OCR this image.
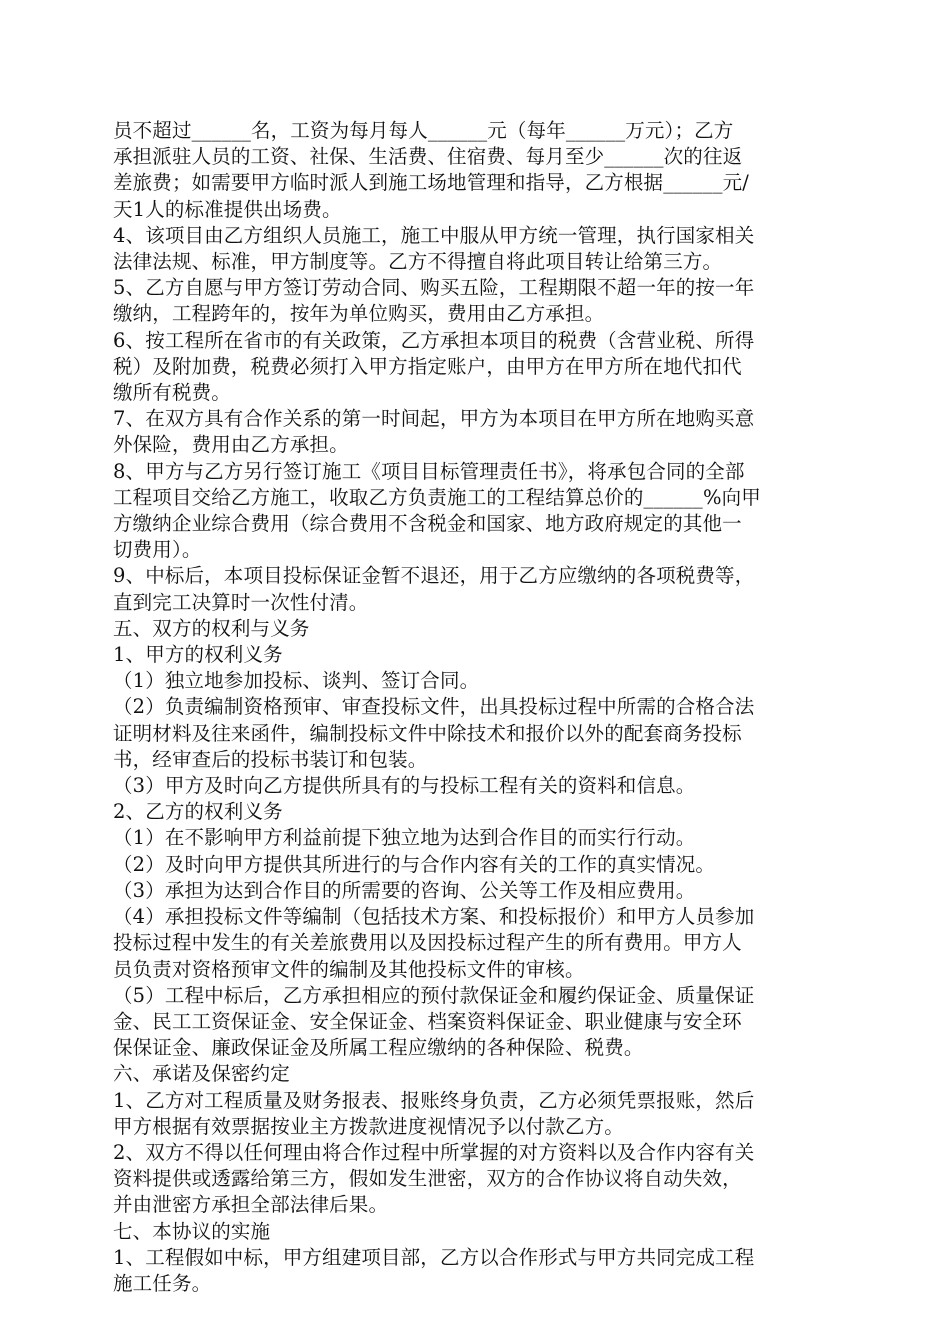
员不超过______名，工资为每月每人______元（每年______万元）；乙方
承担派驻人员的工资、社保、生活费、住宿费、每月至少______次的往返
差旅费；如需要甲方临时派人到施工场地管理和指导，乙方根据______元/
天1人的标准提供出场费。
4、该项目由乙方组织人员施工，施工中服从甲方统一管理，执行国家相关
法律法规、标准，甲方制度等。乙方不得擅自将此项目转让给第三方。
5、乙方自愿与甲方签订劳动合同、购买五险，工程期限不超一年的按一年
缴纳，工程跨年的，按年为单位购买，费用由乙方承担。
6、按工程所在省市的有关政策，乙方承担本项目的税费（含营业税、所得
税）及附加费，税费必须打入甲方指定账户，由甲方在甲方所在地代扣代
缴所有税费。
7、在双方具有合作关系的第一时间起，甲方为本项目在甲方所在地购买意
外保险，费用由乙方承担。
8、甲方与乙方另行签订施工《项目目标管理责任书》，将承包合同的全部
工程项目交给乙方施工，收取乙方负责施工的工程结算总价的______%向甲
方缴纳企业综合费用（综合费用不含税金和国家、地方政府规定的其他一
切费用）。
9、中标后，本项目投标保证金暂不退还，用于乙方应缴纳的各项税费等，
直到完工决算时一次性付清。
五、双方的权利与义务
1、甲方的权利义务
（1）独立地参加投标、谈判、签订合同。
（2）负责编制资格预审、审查投标文件，出具投标过程中所需的合格合法
证明材料及往来函件，编制投标文件中除技术和报价以外的配套商务投标
书，经审查后的投标书装订和包装。
（3）甲方及时向乙方提供所具有的与投标工程有关的资料和信息。
2、乙方的权利义务
（1）在不影响甲方利益前提下独立地为达到合作目的而实行行动。
（2）及时向甲方提供其所进行的与合作内容有关的工作的真实情况。
（3）承担为达到合作目的所需要的咨询、公关等工作及相应费用。
（4）承担投标文件等编制（包括技术方案、和投标报价）和甲方人员参加
投标过程中发生的有关差旅费用以及因投标过程产生的所有费用。甲方人
员负责对资格预审文件的编制及其他投标文件的审核。
（5）工程中标后，乙方承担相应的预付款保证金和履约保证金、质量保证
金、民工工资保证金、安全保证金、档案资料保证金、职业健康与安全环
保保证金、廉政保证金及所属工程应缴纳的各种保险、税费。
六、承诺及保密约定
1、乙方对工程质量及财务报表、报账终身负责，乙方必须凭票报账，然后
甲方根据有效票据按业主方拨款进度视情况予以付款乙方。
2、双方不得以任何理由将合作过程中所掌握的对方资料以及合作内容有关
资料提供或透露给第三方，假如发生泄密，双方的合作协议将自动失效，
并由泄密方承担全部法律后果。
七、本协议的实施
1、工程假如中标，甲方组建项目部，乙方以合作形式与甲方共同完成工程
施工任务。
